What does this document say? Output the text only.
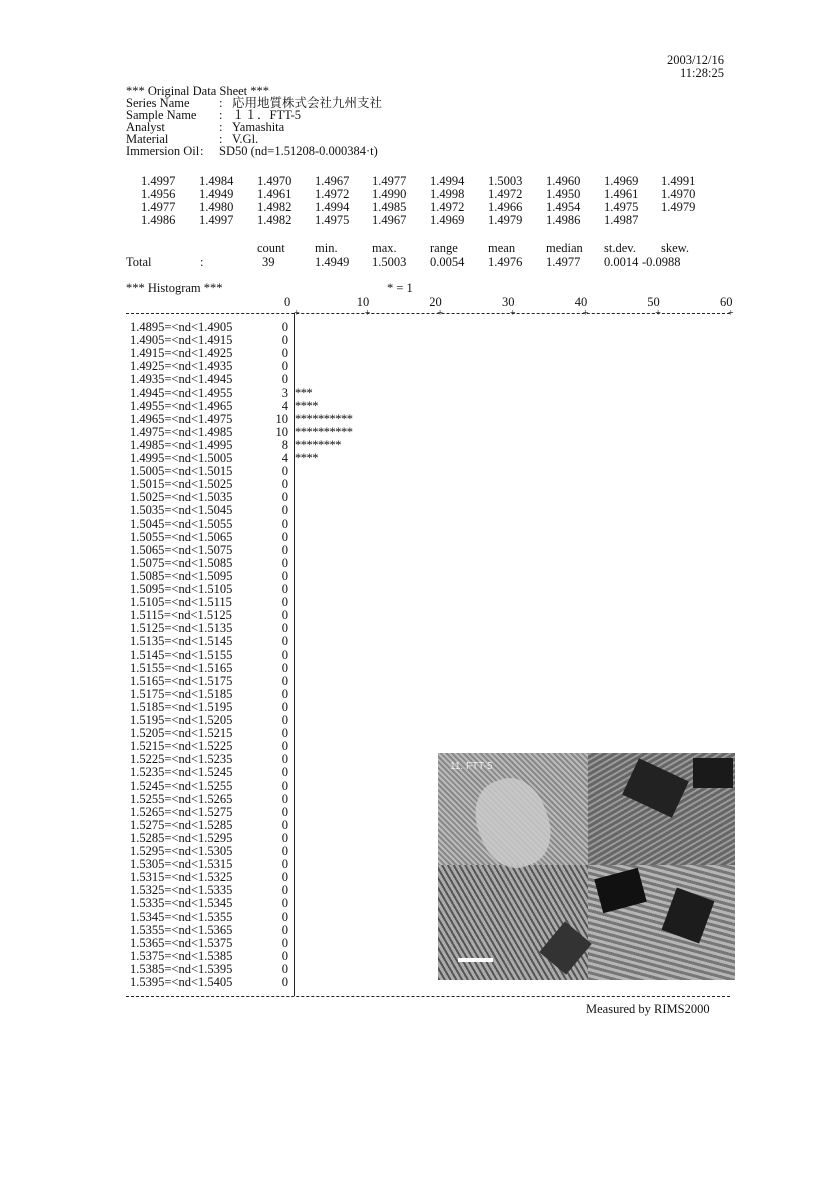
2003/12/16
11:28:25
*** Original Data Sheet ***
Series Name : 応用地質株式会社九州支社
Sample Name : １１．FTT-5
Analyst	: Yamashita
Material	: V.Gl.
Immersion Oil : SD50 (nd=1.51208-0.000384·t)
1.4997 1.4984 1.4970 1.4967 1.4977 1.4994 1.5003 1.4960 1.4969 1.4991
1.4956 1.4949 1.4961 1.4972 1.4990 1.4998 1.4972 1.4950 1.4961 1.4970
1.4977 1.4980 1.4982 1.4994 1.4985 1.4972 1.4966 1.4954 1.4975 1.4979
1.4986 1.4997 1.4982 1.4975 1.4967 1.4969 1.4979 1.4986 1.4987
count min.	max.	range mean median st.dev. skew.
Total	:	39	1.4949 1.5003 0.0054 1.4976 1.4977 0.0014 -0.0988
*** Histogram ***	* = 1
0
+
10
+
20
+
30
+
40
+
50
+
60
+
1.4895=<nd<1.4905	0
1.4905=<nd<1.4915	0
1.4915=<nd<1.4925	0
1.4925=<nd<1.4935	0
1.4935=<nd<1.4945	0
1.4945=<nd<1.4955	3 ***
1.4955=<nd<1.4965	4 ****
1.4965=<nd<1.4975	10 **********
1.4975=<nd<1.4985	10 **********
1.4985=<nd<1.4995	8 ********
1.4995=<nd<1.5005	4 ****
1.5005=<nd<1.5015	0
1.5015=<nd<1.5025	0
1.5025=<nd<1.5035	0
1.5035=<nd<1.5045	0
1.5045=<nd<1.5055	0
1.5055=<nd<1.5065	0
1.5065=<nd<1.5075	0
1.5075=<nd<1.5085	0
1.5085=<nd<1.5095	0
1.5095=<nd<1.5105	0
1.5105=<nd<1.5115	0
1.5115=<nd<1.5125	0
1.5125=<nd<1.5135	0
1.5135=<nd<1.5145	0
1.5145=<nd<1.5155	0
1.5155=<nd<1.5165	0
1.5165=<nd<1.5175	0
1.5175=<nd<1.5185	0
1.5185=<nd<1.5195	0
1.5195=<nd<1.5205	0
1.5205=<nd<1.5215	0
1.5215=<nd<1.5225	0
1.5225=<nd<1.5235	0
1.5235=<nd<1.5245	0
1.5245=<nd<1.5255	0
1.5255=<nd<1.5265	0
1.5265=<nd<1.5275	0
1.5275=<nd<1.5285	0
1.5285=<nd<1.5295	0
1.5295=<nd<1.5305	0
1.5305=<nd<1.5315	0
1.5315=<nd<1.5325	0
1.5325=<nd<1.5335	0
1.5335=<nd<1.5345	0
1.5345=<nd<1.5355	0
1.5355=<nd<1.5365	0
1.5365=<nd<1.5375	0
1.5375=<nd<1.5385	0
1.5385=<nd<1.5395	0
1.5395=<nd<1.5405	0
11. FTT-5
Measured by RIMS2000
